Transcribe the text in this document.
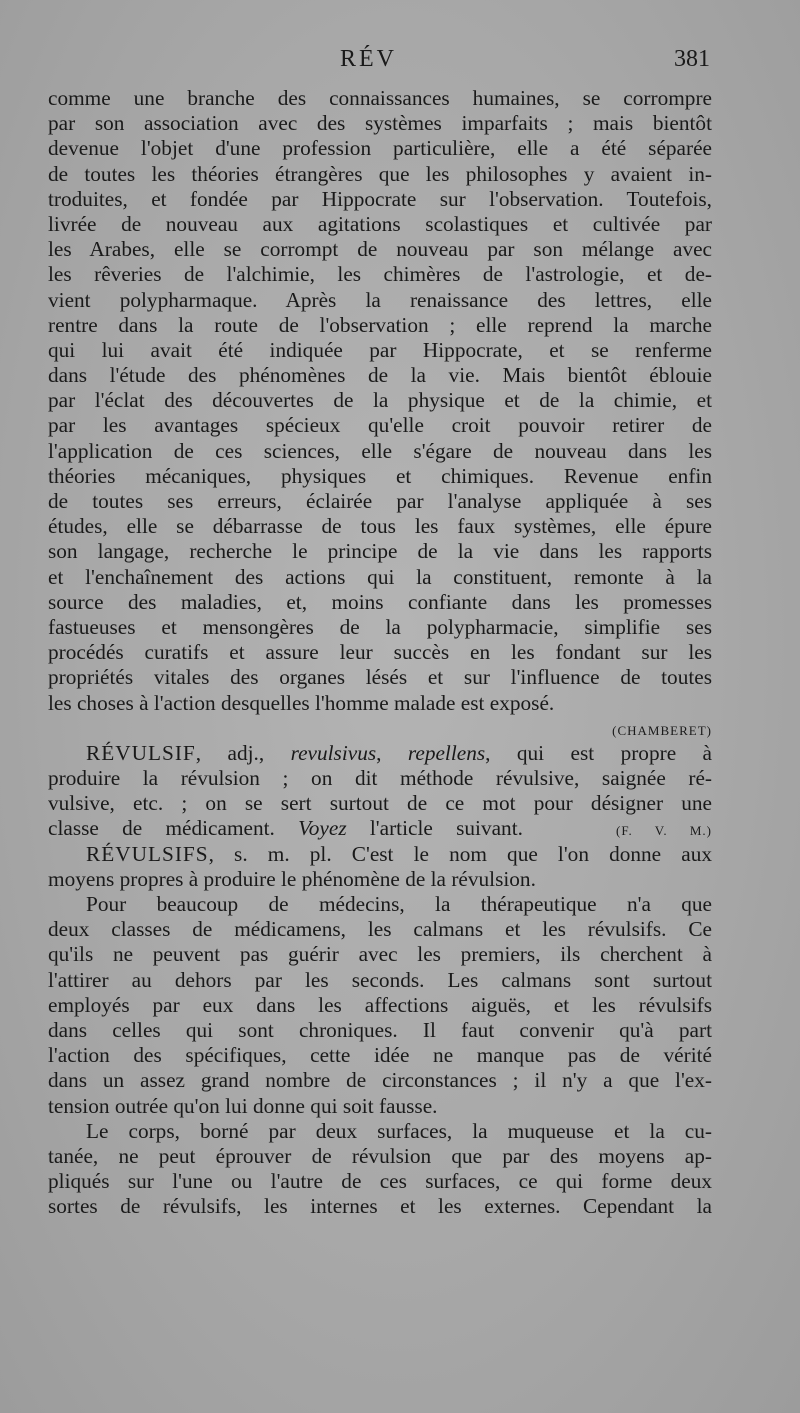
RÉV	381
comme une branche des connaissances humaines, se corrompre
par son association avec des systèmes imparfaits ; mais bientôt
devenue l'objet d'une profession particulière, elle a été séparée
de toutes les théories étrangères que les philosophes y avaient in-
troduites, et fondée par Hippocrate sur l'observation. Toutefois,
livrée de nouveau aux agitations scolastiques et cultivée par
les Arabes, elle se corrompt de nouveau par son mélange avec
les rêveries de l'alchimie, les chimères de l'astrologie, et de-
vient polypharmaque. Après la renaissance des lettres, elle
rentre dans la route de l'observation ; elle reprend la marche
qui lui avait été indiquée par Hippocrate, et se renferme
dans l'étude des phénomènes de la vie. Mais bientôt éblouie
par l'éclat des découvertes de la physique et de la chimie, et
par les avantages spécieux qu'elle croit pouvoir retirer de
l'application de ces sciences, elle s'égare de nouveau dans les
théories mécaniques, physiques et chimiques. Revenue enfin
de toutes ses erreurs, éclairée par l'analyse appliquée à ses
études, elle se débarrasse de tous les faux systèmes, elle épure
son langage, recherche le principe de la vie dans les rapports
et l'enchaînement des actions qui la constituent, remonte à la
source des maladies, et, moins confiante dans les promesses
fastueuses et mensongères de la polypharmacie, simplifie ses
procédés curatifs et assure leur succès en les fondant sur les
propriétés vitales des organes lésés et sur l'influence de toutes
les choses à l'action desquelles l'homme malade est exposé.
(CHAMBERET)
RÉVULSIF, adj., revulsivus, repellens, qui est propre à
produire la révulsion ; on dit méthode révulsive, saignée ré-
vulsive, etc. ; on se sert surtout de ce mot pour désigner une
classe de médicament. Voyez l'article suivant.	(F. V. M.)
RÉVULSIFS, s. m. pl. C'est le nom que l'on donne aux
moyens propres à produire le phénomène de la révulsion.
Pour beaucoup de médecins, la thérapeutique n'a que
deux classes de médicamens, les calmans et les révulsifs. Ce
qu'ils ne peuvent pas guérir avec les premiers, ils cherchent à
l'attirer au dehors par les seconds. Les calmans sont surtout
employés par eux dans les affections aiguës, et les révulsifs
dans celles qui sont chroniques. Il faut convenir qu'à part
l'action des spécifiques, cette idée ne manque pas de vérité
dans un assez grand nombre de circonstances ; il n'y a que l'ex-
tension outrée qu'on lui donne qui soit fausse.
Le corps, borné par deux surfaces, la muqueuse et la cu-
tanée, ne peut éprouver de révulsion que par des moyens ap-
pliqués sur l'une ou l'autre de ces surfaces, ce qui forme deux
sortes de révulsifs, les internes et les externes. Cependant la
